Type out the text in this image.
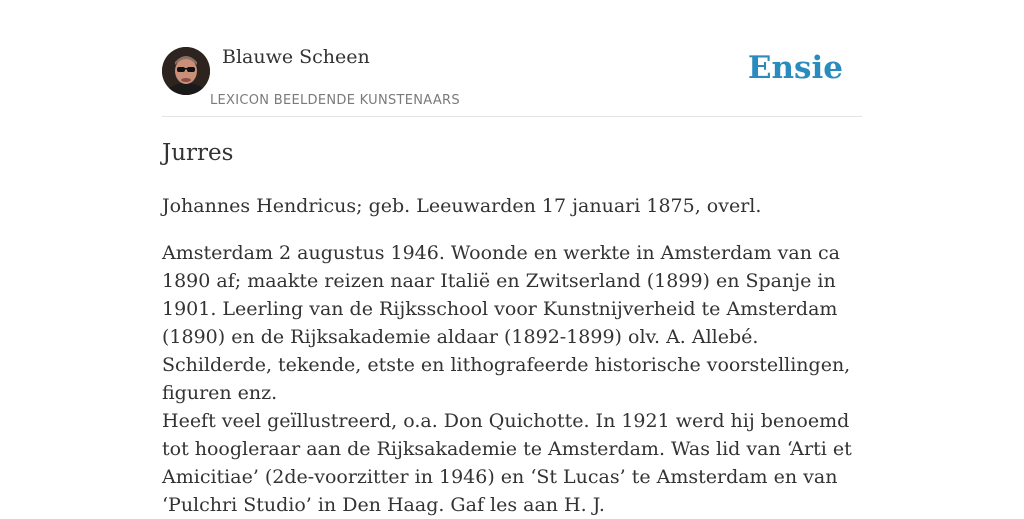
Blauwe Scheen
LEXICON BEELDENDE KUNSTENAARS
Ensie
Jurres

Johannes Hendricus; geb. Leeuwarden 17 januari 1875, overl.

Amsterdam 2 augustus 1946. Woonde en werkte in Amsterdam van ca 1890 af; maakte reizen naar Italië en Zwitserland (1899) en Spanje in 1901. Leerling van de Rijksschool voor Kunstnijverheid te Amsterdam (1890) en de Rijksakademie aldaar (1892-1899) olv. A. Allebé. Schilderde, tekende, etste en lithografeerde historische voorstellingen, figuren enz.

Heeft veel geïllustreerd, o.a. Don Quichotte. In 1921 werd hij benoemd tot hoogleraar aan de Rijksakademie te Amsterdam. Was lid van ‘Arti et Amicitiae’ (2de-voorzitter in 1946) en ‘St Lucas’ te Amsterdam en van ‘Pulchri Studio’ in Den Haag. Gaf les aan H. J.
